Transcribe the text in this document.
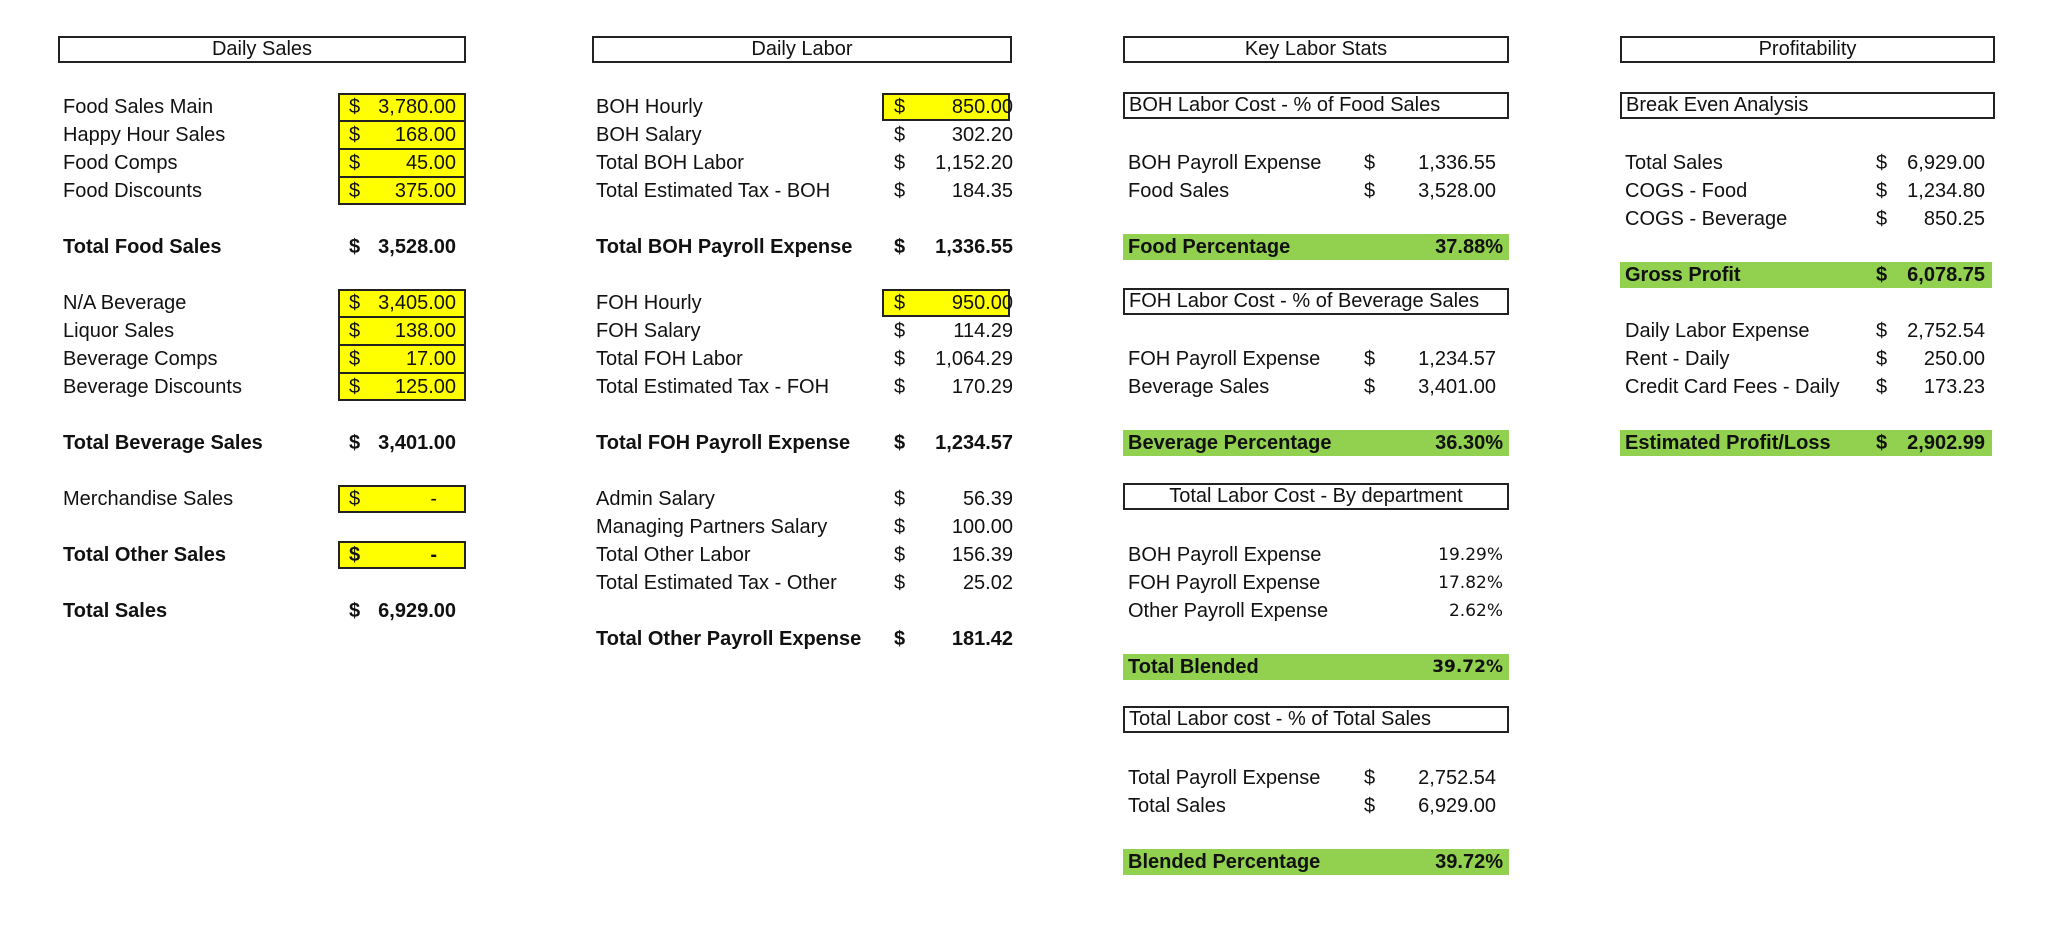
Daily Sales
Food Sales Main	$ 3,780.00
Happy Hour Sales	$	168.00
Food Comps	$	45.00
Food Discounts	$	375.00
Total Food Sales	$ 3,528.00
N/A Beverage	$ 3,405.00
Liquor Sales	$	138.00
Beverage Comps	$	17.00
Beverage Discounts	$	125.00
Total Beverage Sales	$ 3,401.00
Merchandise Sales	$	-
Total Other Sales	$	-
Total Sales	$ 6,929.00
Daily Labor
BOH Hourly	$	850.00
BOH Salary	$	302.20
Total BOH Labor	$	1,152.20
Total Estimated Tax - BOH	$	184.35
Total BOH Payroll Expense $	1,336.55
FOH Hourly	$	950.00
FOH Salary	$	114.29
Total FOH Labor	$	1,064.29
Total Estimated Tax - FOH	$	170.29
Total FOH Payroll Expense $	1,234.57
Admin Salary	$	56.39
Managing Partners Salary	$	100.00
Total Other Labor	$	156.39
Total Estimated Tax - Other	$	25.02
Total Other Payroll Expense $	181.42
Key Labor Stats
BOH Labor Cost - % of Food Sales
BOH Payroll Expense $	1,336.55
Food Sales	$	3,528.00
Food Percentage	37.88%
FOH Labor Cost - % of Beverage Sales
FOH Payroll Expense $	1,234.57
Beverage Sales	$	3,401.00
Beverage Percentage	36.30%
Total Labor Cost - By department
BOH Payroll Expense	19.29%
FOH Payroll Expense	17.82%
Other Payroll Expense	2.62%
Total Blended	39.72%
Total Labor cost - % of Total Sales
Total Payroll Expense $	2,752.54
Total Sales	$	6,929.00
Blended Percentage	39.72%
Profitability
Break Even Analysis
Total Sales	$	6,929.00
COGS - Food	$	1,234.80
COGS - Beverage	$	850.25
Gross Profit	$	6,078.75
Daily Labor Expense	$	2,752.54
Rent - Daily	$	250.00
Credit Card Fees - Daily $	173.23
Estimated Profit/Loss $	2,902.99
